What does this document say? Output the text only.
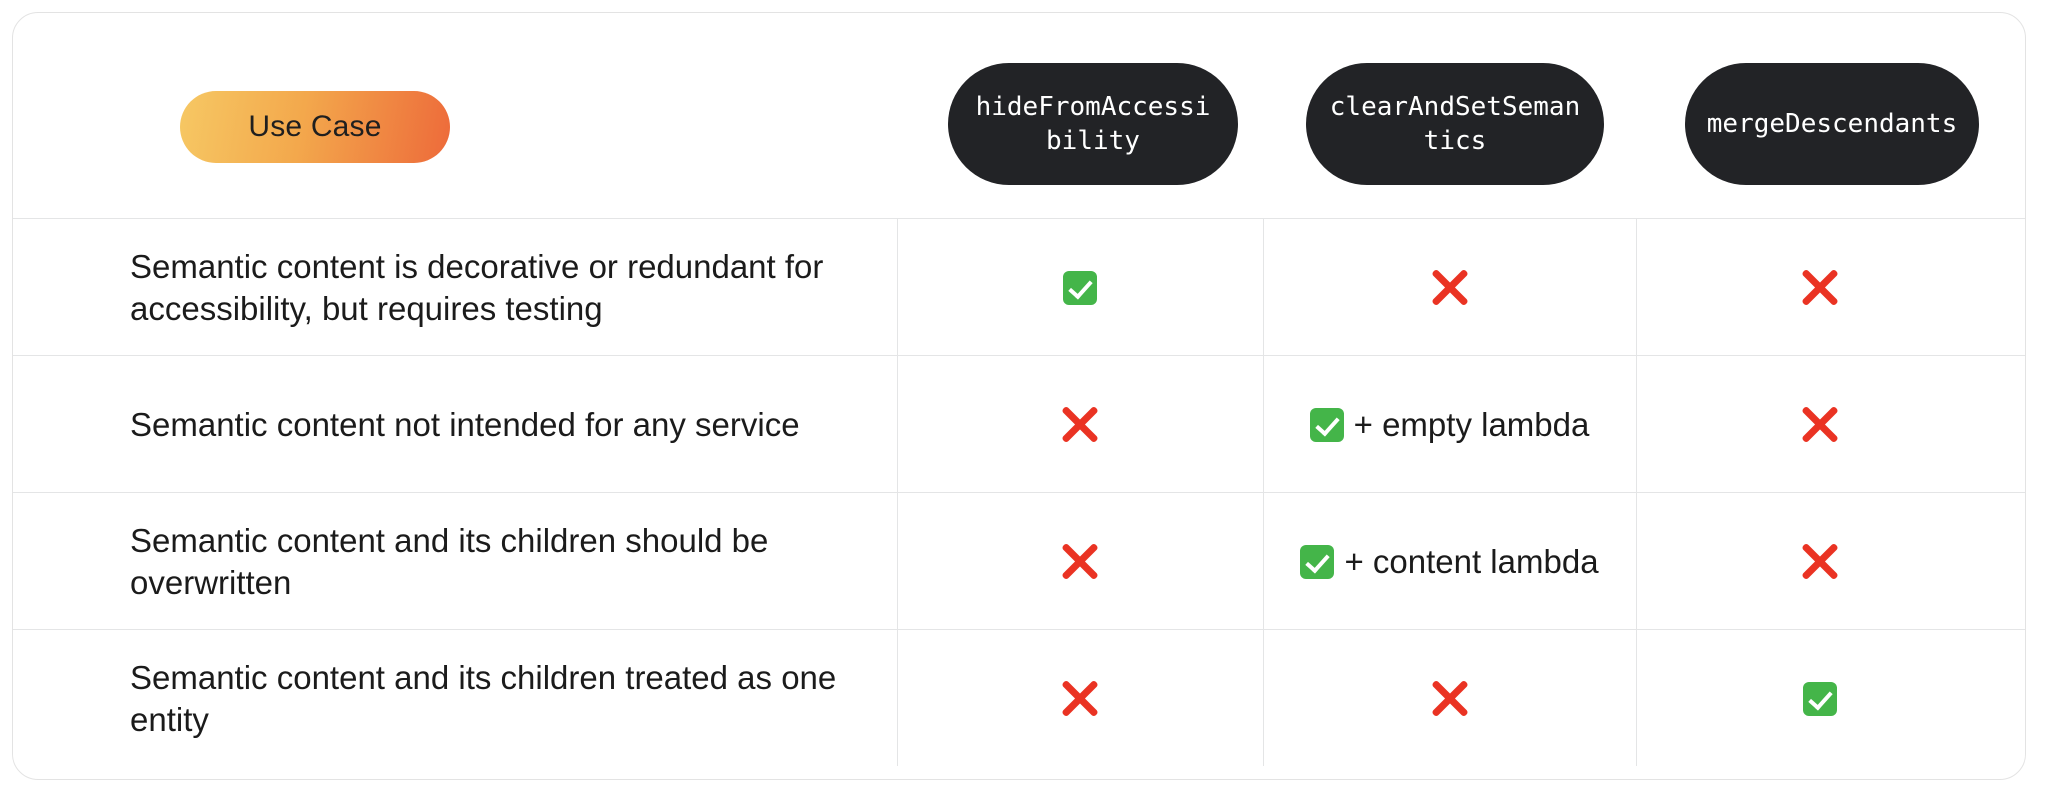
Use Case
hideFromAccessi
bility
clearAndSetSeman
tics
mergeDescendants
Semantic content is decorative or redundant for accessibility, but requires testing
Semantic content not intended for any service	+ empty lambda
Semantic content and its children should be overwritten
+ content lambda
Semantic content and its children treated as one entity
